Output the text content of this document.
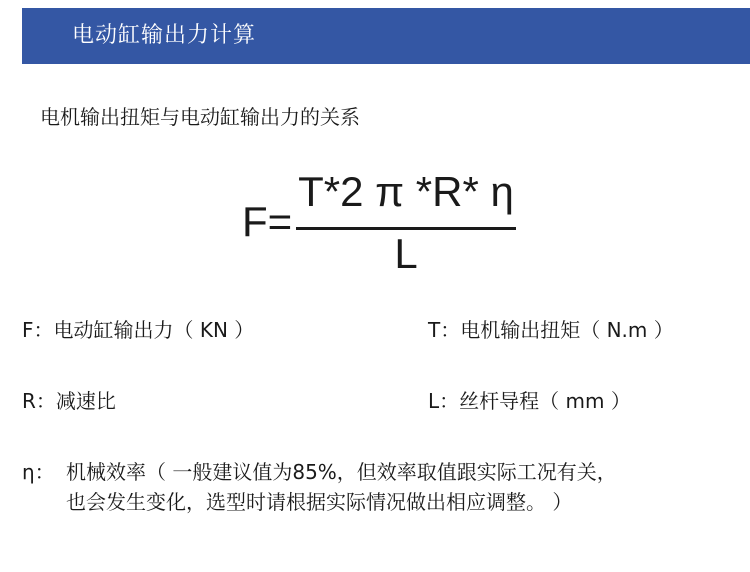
电动缸输出力计算
电机输出扭矩与电动缸输出力的关系
F=
T*2 π *R* η
L
F：电动缸输出力（ KN ）	T：电机输出扭矩（ N.m ）
R：减速比	L：丝杆导程（ mm ）
η： 机械效率（ 一般建议值为85%，但效率取值跟实际工况有关，
也会发生变化，选型时请根据实际情况做出相应调整。 ）
